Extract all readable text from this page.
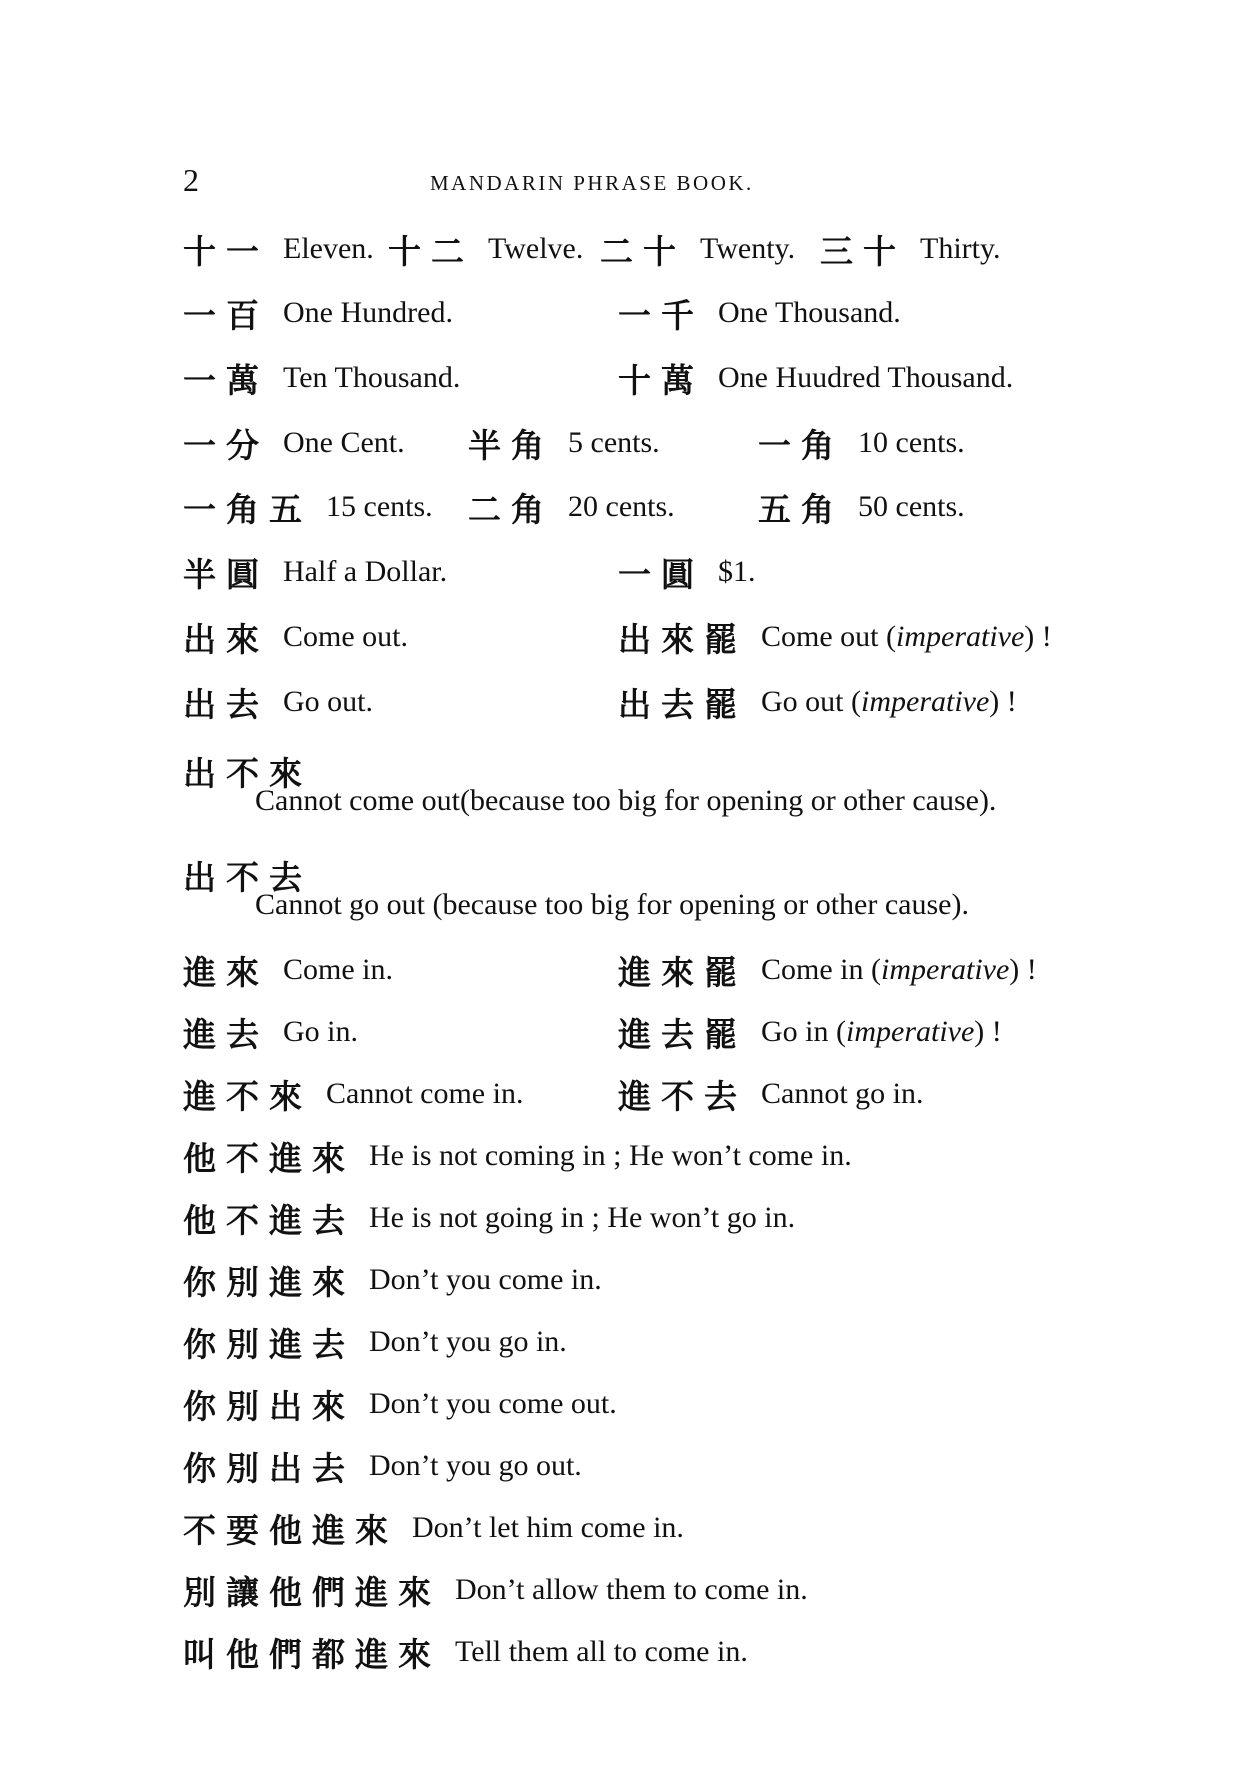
2	MANDARIN PHRASE BOOK.
十一 Eleven. 十二 Twelve. 二十 Twenty. 三十 Thirty.
一百 One Hundred.	一千 One Thousand.
一萬 Ten Thousand.	十萬 One Huudred Thousand.
一分 One Cent. 半角 5 cents.	一角 10 cents.
一角五 15 cents. 二角 20 cents.	五角 50 cents.
半圓 Half a Dollar.	一圓 $1.
出來 Come out.	出來罷 Come out (imperative) !
出去 Go out.	出去罷 Go out (imperative) !
出不來
Cannot come out(because too big for opening or other cause).
出不去
Cannot go out (because too big for opening or other cause).
進來 Come in.	進來罷 Come in (imperative) !
進去 Go in.	進去罷 Go in (imperative) !
進不來 Cannot come in.	進不去 Cannot go in.
他不進來 He is not coming in ; He won’t come in.
他不進去 He is not going in ; He won’t go in.
你別進來 Don’t you come in.
你別進去 Don’t you go in.
你別出來 Don’t you come out.
你別出去 Don’t you go out.
不要他進來 Don’t let him come in.
別讓他們進來 Don’t allow them to come in.
叫他們都進來 Tell them all to come in.
